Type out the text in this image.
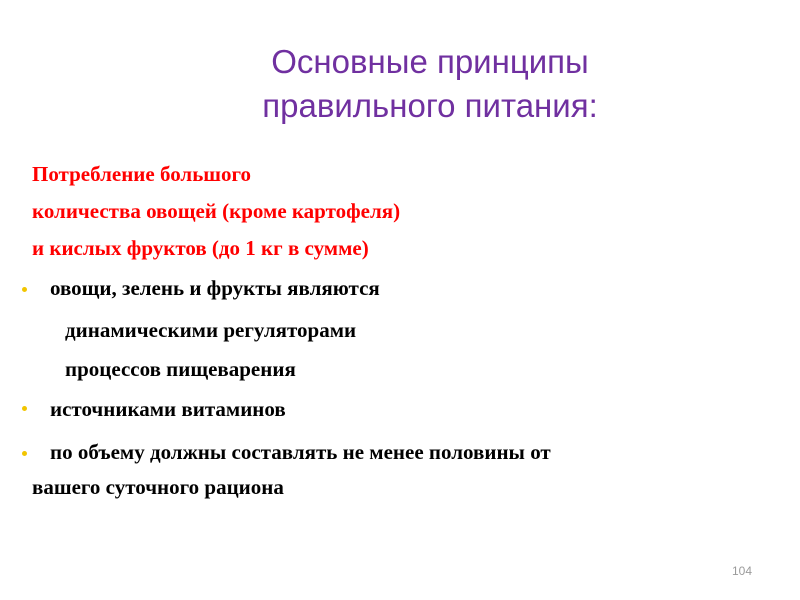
Основные принципы
правильного питания:
Потребление большого
количества овощей (кроме картофеля)
и кислых фруктов (до 1 кг в сумме)
овощи, зелень и фрукты являются
динамическими регуляторами
процессов пищеварения
источниками витаминов
по объему должны составлять не менее половины от
вашего суточного рациона
104
